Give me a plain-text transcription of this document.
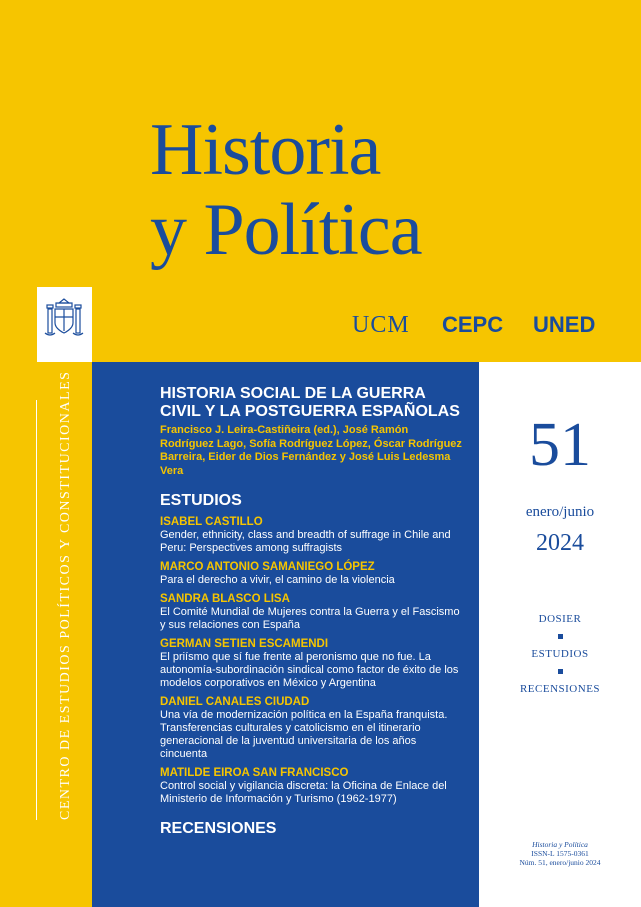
Historia
y Política
UCM CEPC UNED
CENTRO DE ESTUDIOS POLÍTICOS Y CONSTITUCIONALES	HISTORIA SOCIAL DE LA GUERRA CIVIL Y LA POSTGUERRA ESPAÑOLAS

Francisco J. Leira-Castiñeira (ed.), José Ramón Rodríguez Lago, Sofía Rodríguez López, Óscar Rodríguez Barreira, Eider de Dios Fernández y José Luis Ledesma Vera
ESTUDIOS
ISABEL CASTILLO
Gender, ethnicity, class and breadth of suffrage in Chile and Peru: Perspectives among suffragists
MARCO ANTONIO SAMANIEGO LÓPEZ
Para el derecho a vivir, el camino de la violencia
SANDRA BLASCO LISA
El Comité Mundial de Mujeres contra la Guerra y el Fascismo y sus relaciones con España
GERMAN SETIEN ESCAMENDI
El priísmo que sí fue frente al peronismo que no fue. La autonomía-subordinación sindical como factor de éxito de los modelos corporativos en México y Argentina
DANIEL CANALES CIUDAD
Una vía de modernización política en la España franquista. Transferencias culturales y catolicismo en el itinerario generacional de la juventud universitaria de los años cincuenta
MATILDE EIROA SAN FRANCISCO
Control social y vigilancia discreta: la Oficina de Enlace del Ministerio de Información y Turismo (1962-1977)
RECENSIONES
51
enero/junio
2024
DOSIER
ESTUDIOS
RECENSIONES
Historia y Política
ISSN-L 1575-0361
Núm. 51, enero/junio 2024
